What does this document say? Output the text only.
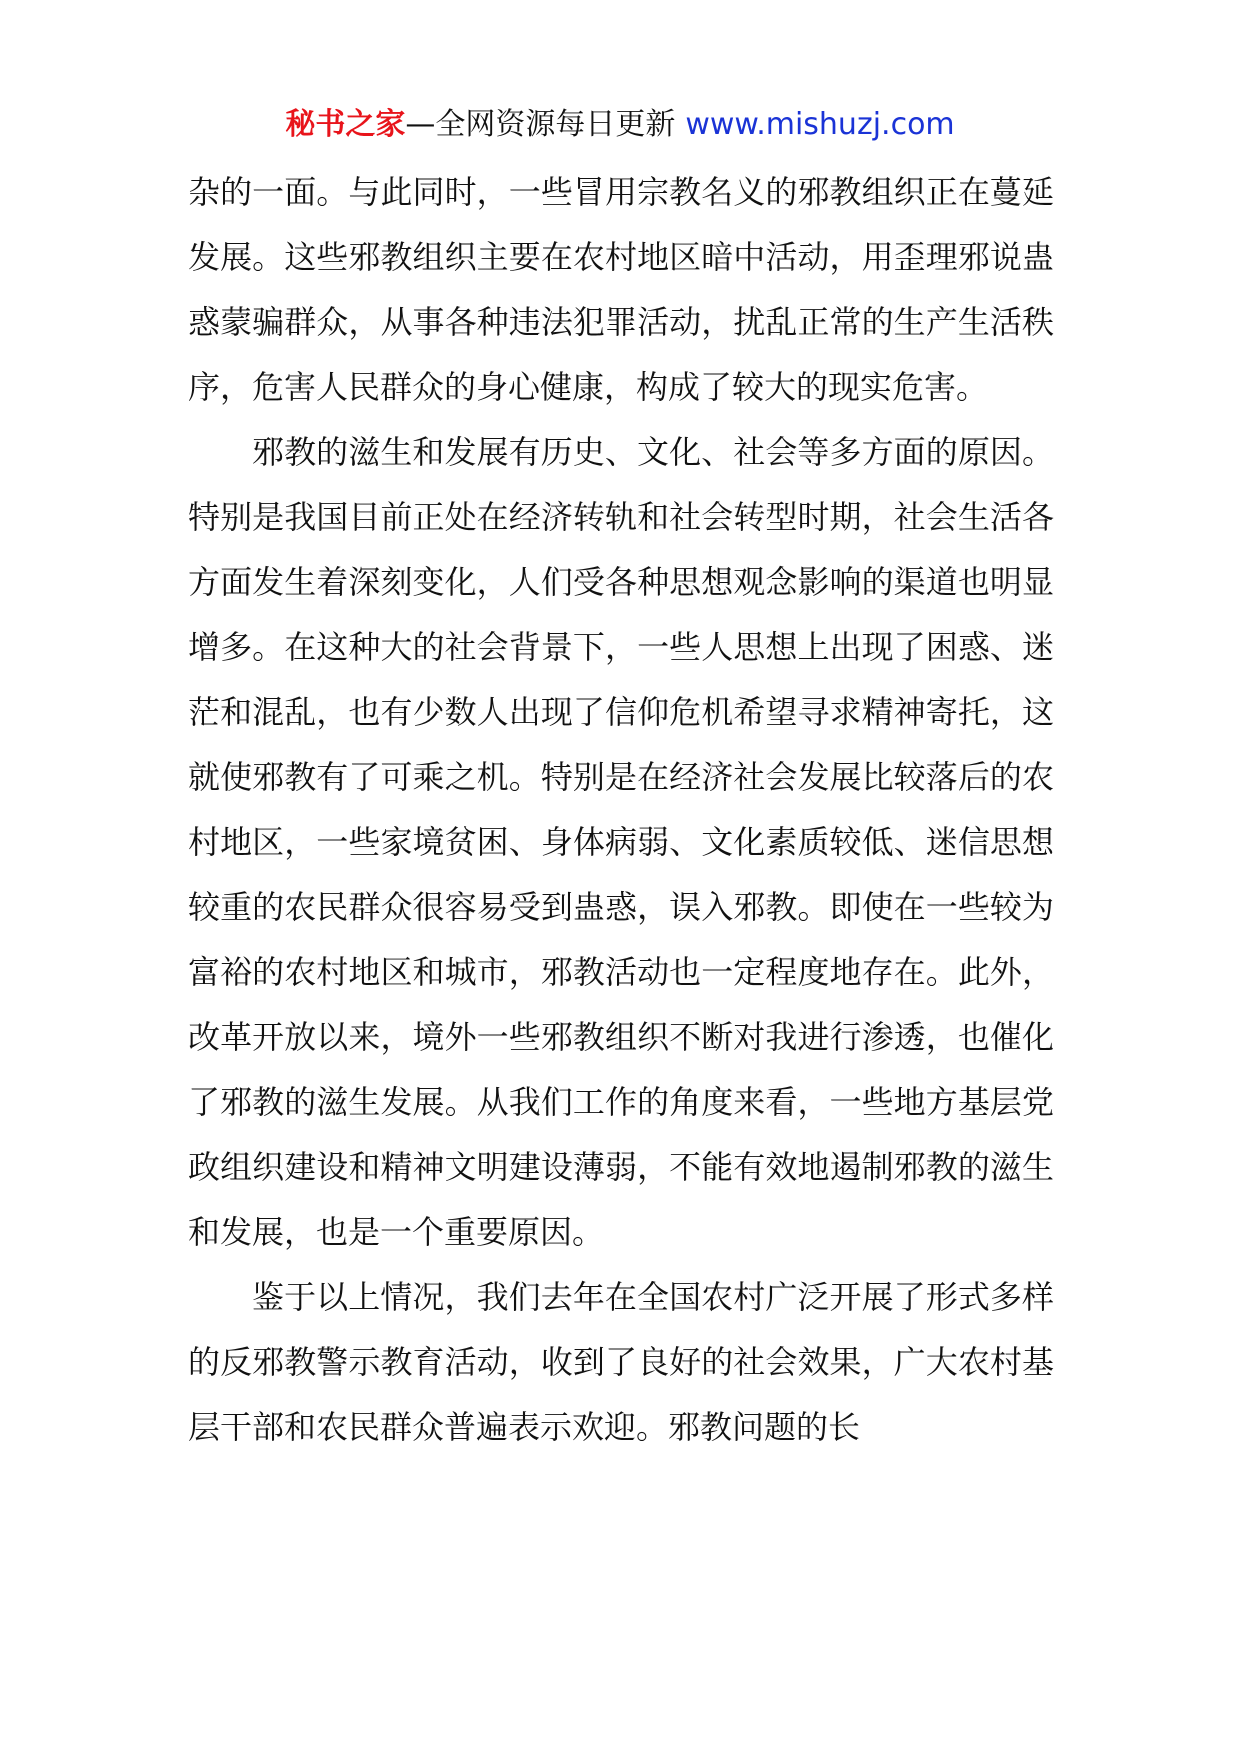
秘书之家—全网资源每日更新 www.mishuzj.com

杂的一面。与此同时，一些冒用宗教名义的邪教组织正在蔓延发展。这些邪教组织主要在农村地区暗中活动，用歪理邪说蛊惑蒙骗群众，从事各种违法犯罪活动，扰乱正常的生产生活秩序，危害人民群众的身心健康，构成了较大的现实危害。

邪教的滋生和发展有历史、文化、社会等多方面的原因。特别是我国目前正处在经济转轨和社会转型时期，社会生活各方面发生着深刻变化，人们受各种思想观念影响的渠道也明显增多。在这种大的社会背景下，一些人思想上出现了困惑、迷茫和混乱，也有少数人出现了信仰危机希望寻求精神寄托，这就使邪教有了可乘之机。特别是在经济社会发展比较落后的农村地区，一些家境贫困、身体病弱、文化素质较低、迷信思想较重的农民群众很容易受到蛊惑，误入邪教。即使在一些较为富裕的农村地区和城市，邪教活动也一定程度地存在。此外，改革开放以来，境外一些邪教组织不断对我进行渗透，也催化了邪教的滋生发展。从我们工作的角度来看，一些地方基层党政组织建设和精神文明建设薄弱，不能有效地遏制邪教的滋生和发展，也是一个重要原因。

鉴于以上情况，我们去年在全国农村广泛开展了形式多样的反邪教警示教育活动，收到了良好的社会效果，广大农村基层干部和农民群众普遍表示欢迎。邪教问题的长
